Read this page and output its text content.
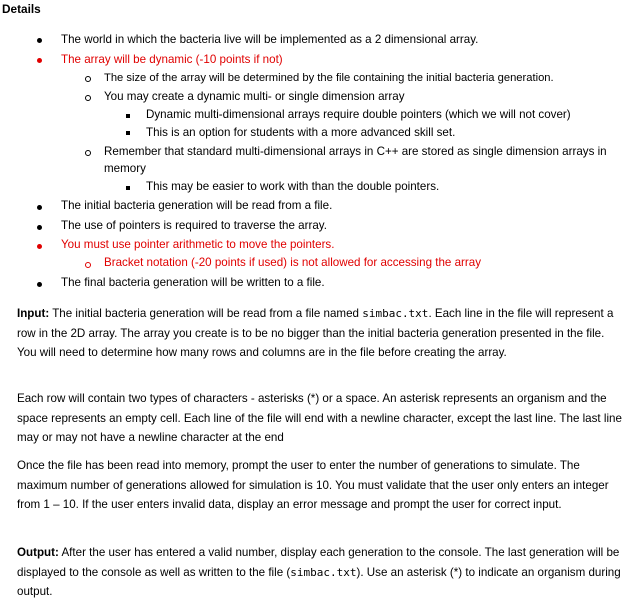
Details
The world in which the bacteria live will be implemented as a 2 dimensional array.
The array will be dynamic (-10 points if not)
The size of the array will be determined by the file containing the initial bacteria generation.
You may create a dynamic multi- or single dimension array
Dynamic multi-dimensional arrays require double pointers (which we will not cover)
This is an option for students with a more advanced skill set.
Remember that standard multi-dimensional arrays in C++ are stored as single dimension arrays in
memory
This may be easier to work with than the double pointers.
The initial bacteria generation will be read from a file.
The use of pointers is required to traverse the array.
You must use pointer arithmetic to move the pointers.
Bracket notation (-20 points if used) is not allowed for accessing the array
The final bacteria generation will be written to a file.
Input: The initial bacteria generation will be read from a file named simbac.txt. Each line in the file will represent a row in the 2D array. The array you create is to be no bigger than the initial bacteria generation presented in the file. You will need to determine how many rows and columns are in the file before creating the array.
Each row will contain two types of characters - asterisks (*) or a space. An asterisk represents an organism and the space represents an empty cell. Each line of the file will end with a newline character, except the last line. The last line may or may not have a newline character at the end
Once the file has been read into memory, prompt the user to enter the number of generations to simulate. The maximum number of generations allowed for simulation is 10. You must validate that the user only enters an integer from 1 – 10. If the user enters invalid data, display an error message and prompt the user for correct input.
Output: After the user has entered a valid number, display each generation to the console. The last generation will be displayed to the console as well as written to the file (simbac.txt). Use an asterisk (*) to indicate an organism during output.
